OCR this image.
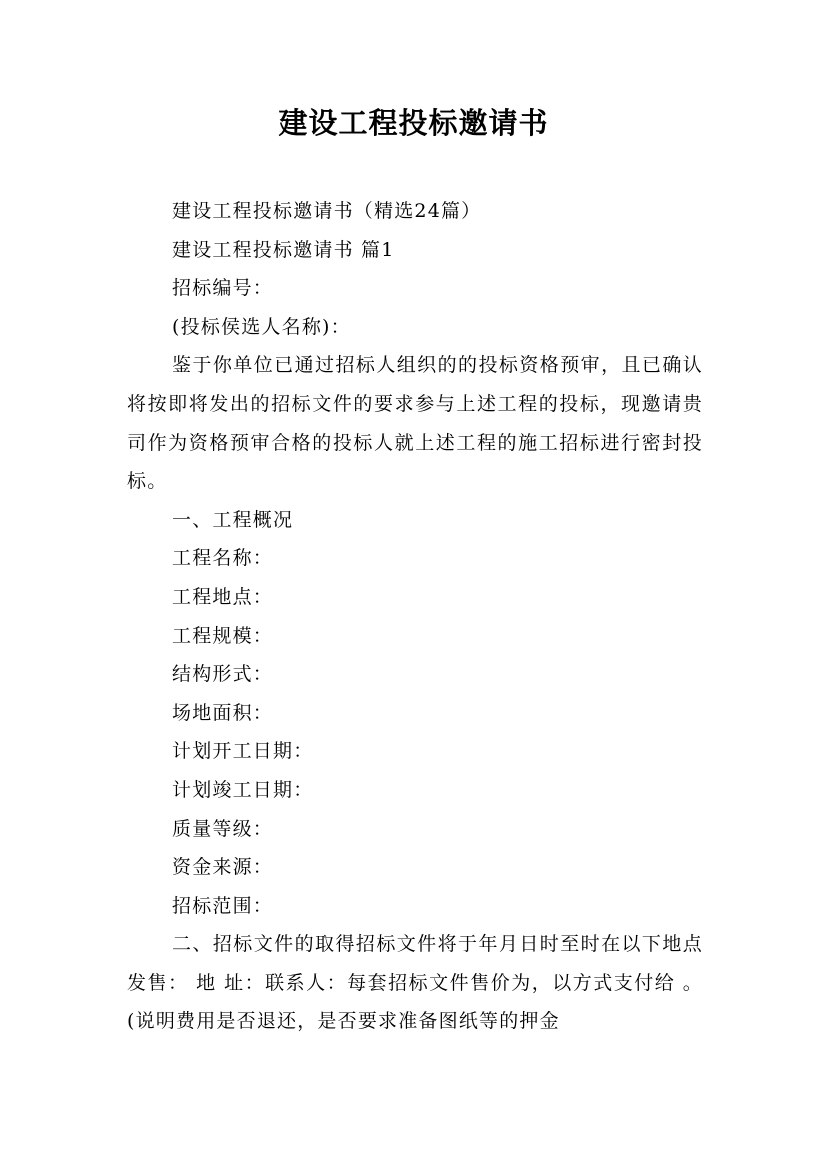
建设工程投标邀请书

建设工程投标邀请书（精选24篇）

建设工程投标邀请书 篇1

招标编号：

(投标侯选人名称)：

鉴于你单位已通过招标人组织的的投标资格预审，且已确认将按即将发出的招标文件的要求参与上述工程的投标，现邀请贵司作为资格预审合格的投标人就上述工程的施工招标进行密封投标。

一、工程概况

工程名称：

工程地点：

工程规模：

结构形式：

场地面积：

计划开工日期：

计划竣工日期：

质量等级：

资金来源：

招标范围：

二、招标文件的取得招标文件将于年月日时至时在以下地点发售： 地 址：联系人：每套招标文件售价为，以方式支付给 。(说明费用是否退还，是否要求准备图纸等的押金
